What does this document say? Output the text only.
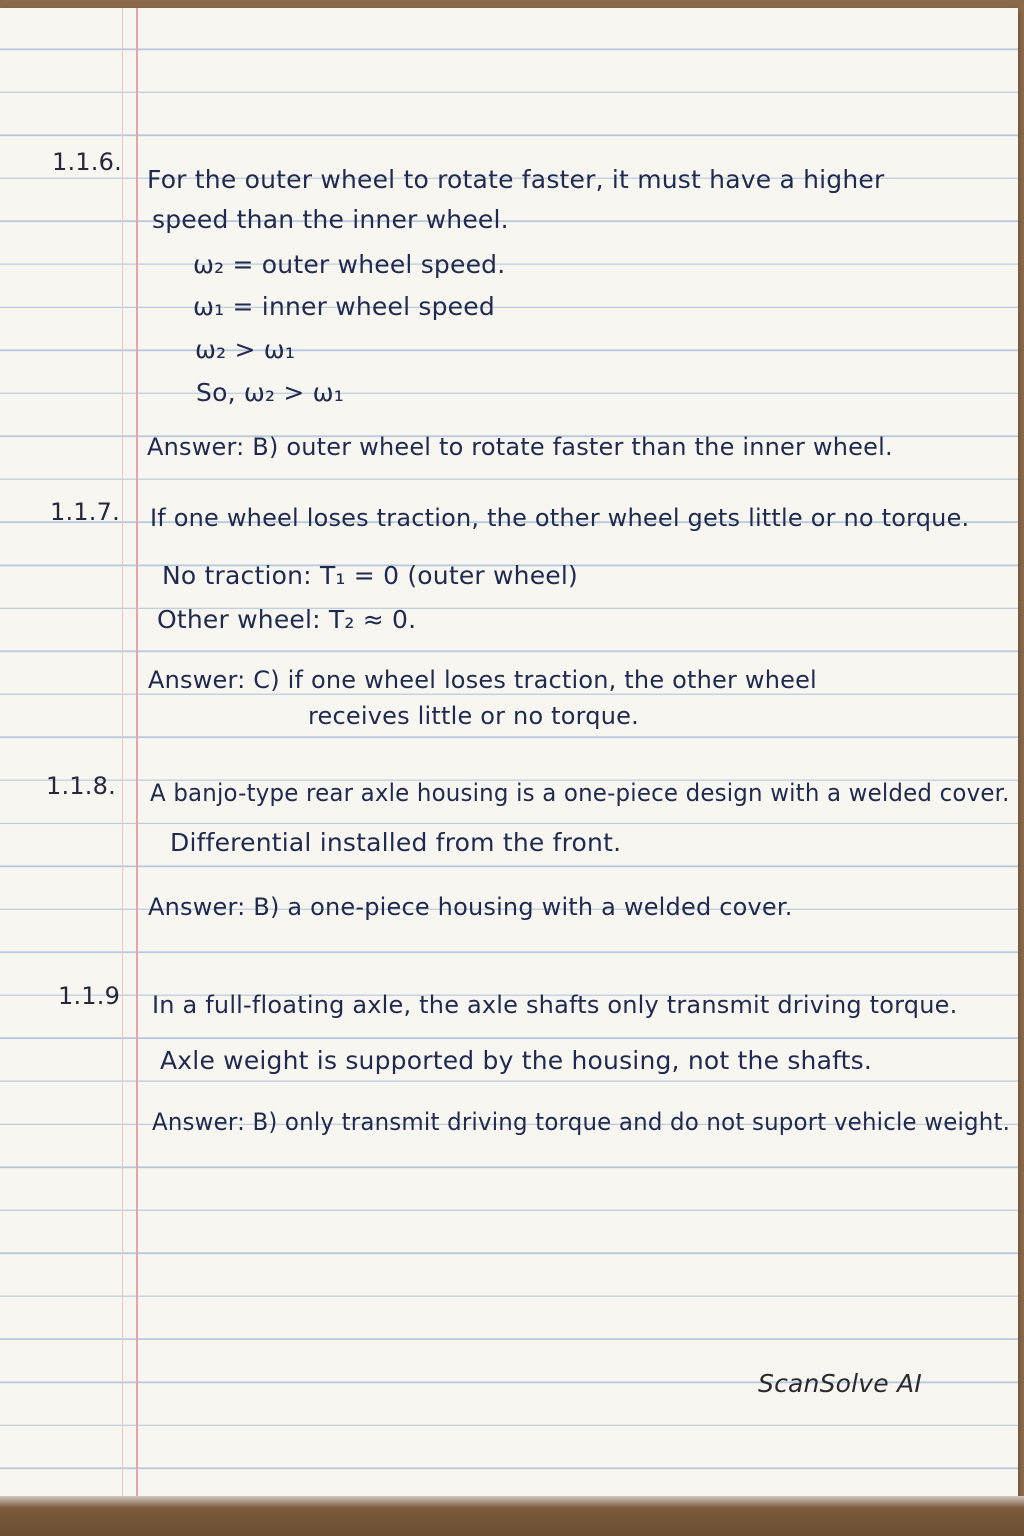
1.1.6.
For the outer wheel to rotate faster, it must have a higher
speed than the inner wheel.
ω₂ = outer wheel speed.
ω₁ = inner wheel speed
ω₂ > ω₁
So, ω₂ > ω₁
Answer: B) outer wheel to rotate faster than the inner wheel.
1.1.7. If one wheel loses traction, the other wheel gets little or no torque.
No traction: T₁ = 0 (outer wheel)
Other wheel: T₂ ≈ 0.
Answer: C) if one wheel loses traction, the other wheel
receives little or no torque.
1.1.8. A banjo-type rear axle housing is a one-piece design with a welded cover.
Differential installed from the front.
Answer: B) a one-piece housing with a welded cover.
1.1.9 In a full-floating axle, the axle shafts only transmit driving torque.
Axle weight is supported by the housing, not the shafts.
Answer: B) only transmit driving torque and do not suport vehicle weight.
ScanSolve AI
